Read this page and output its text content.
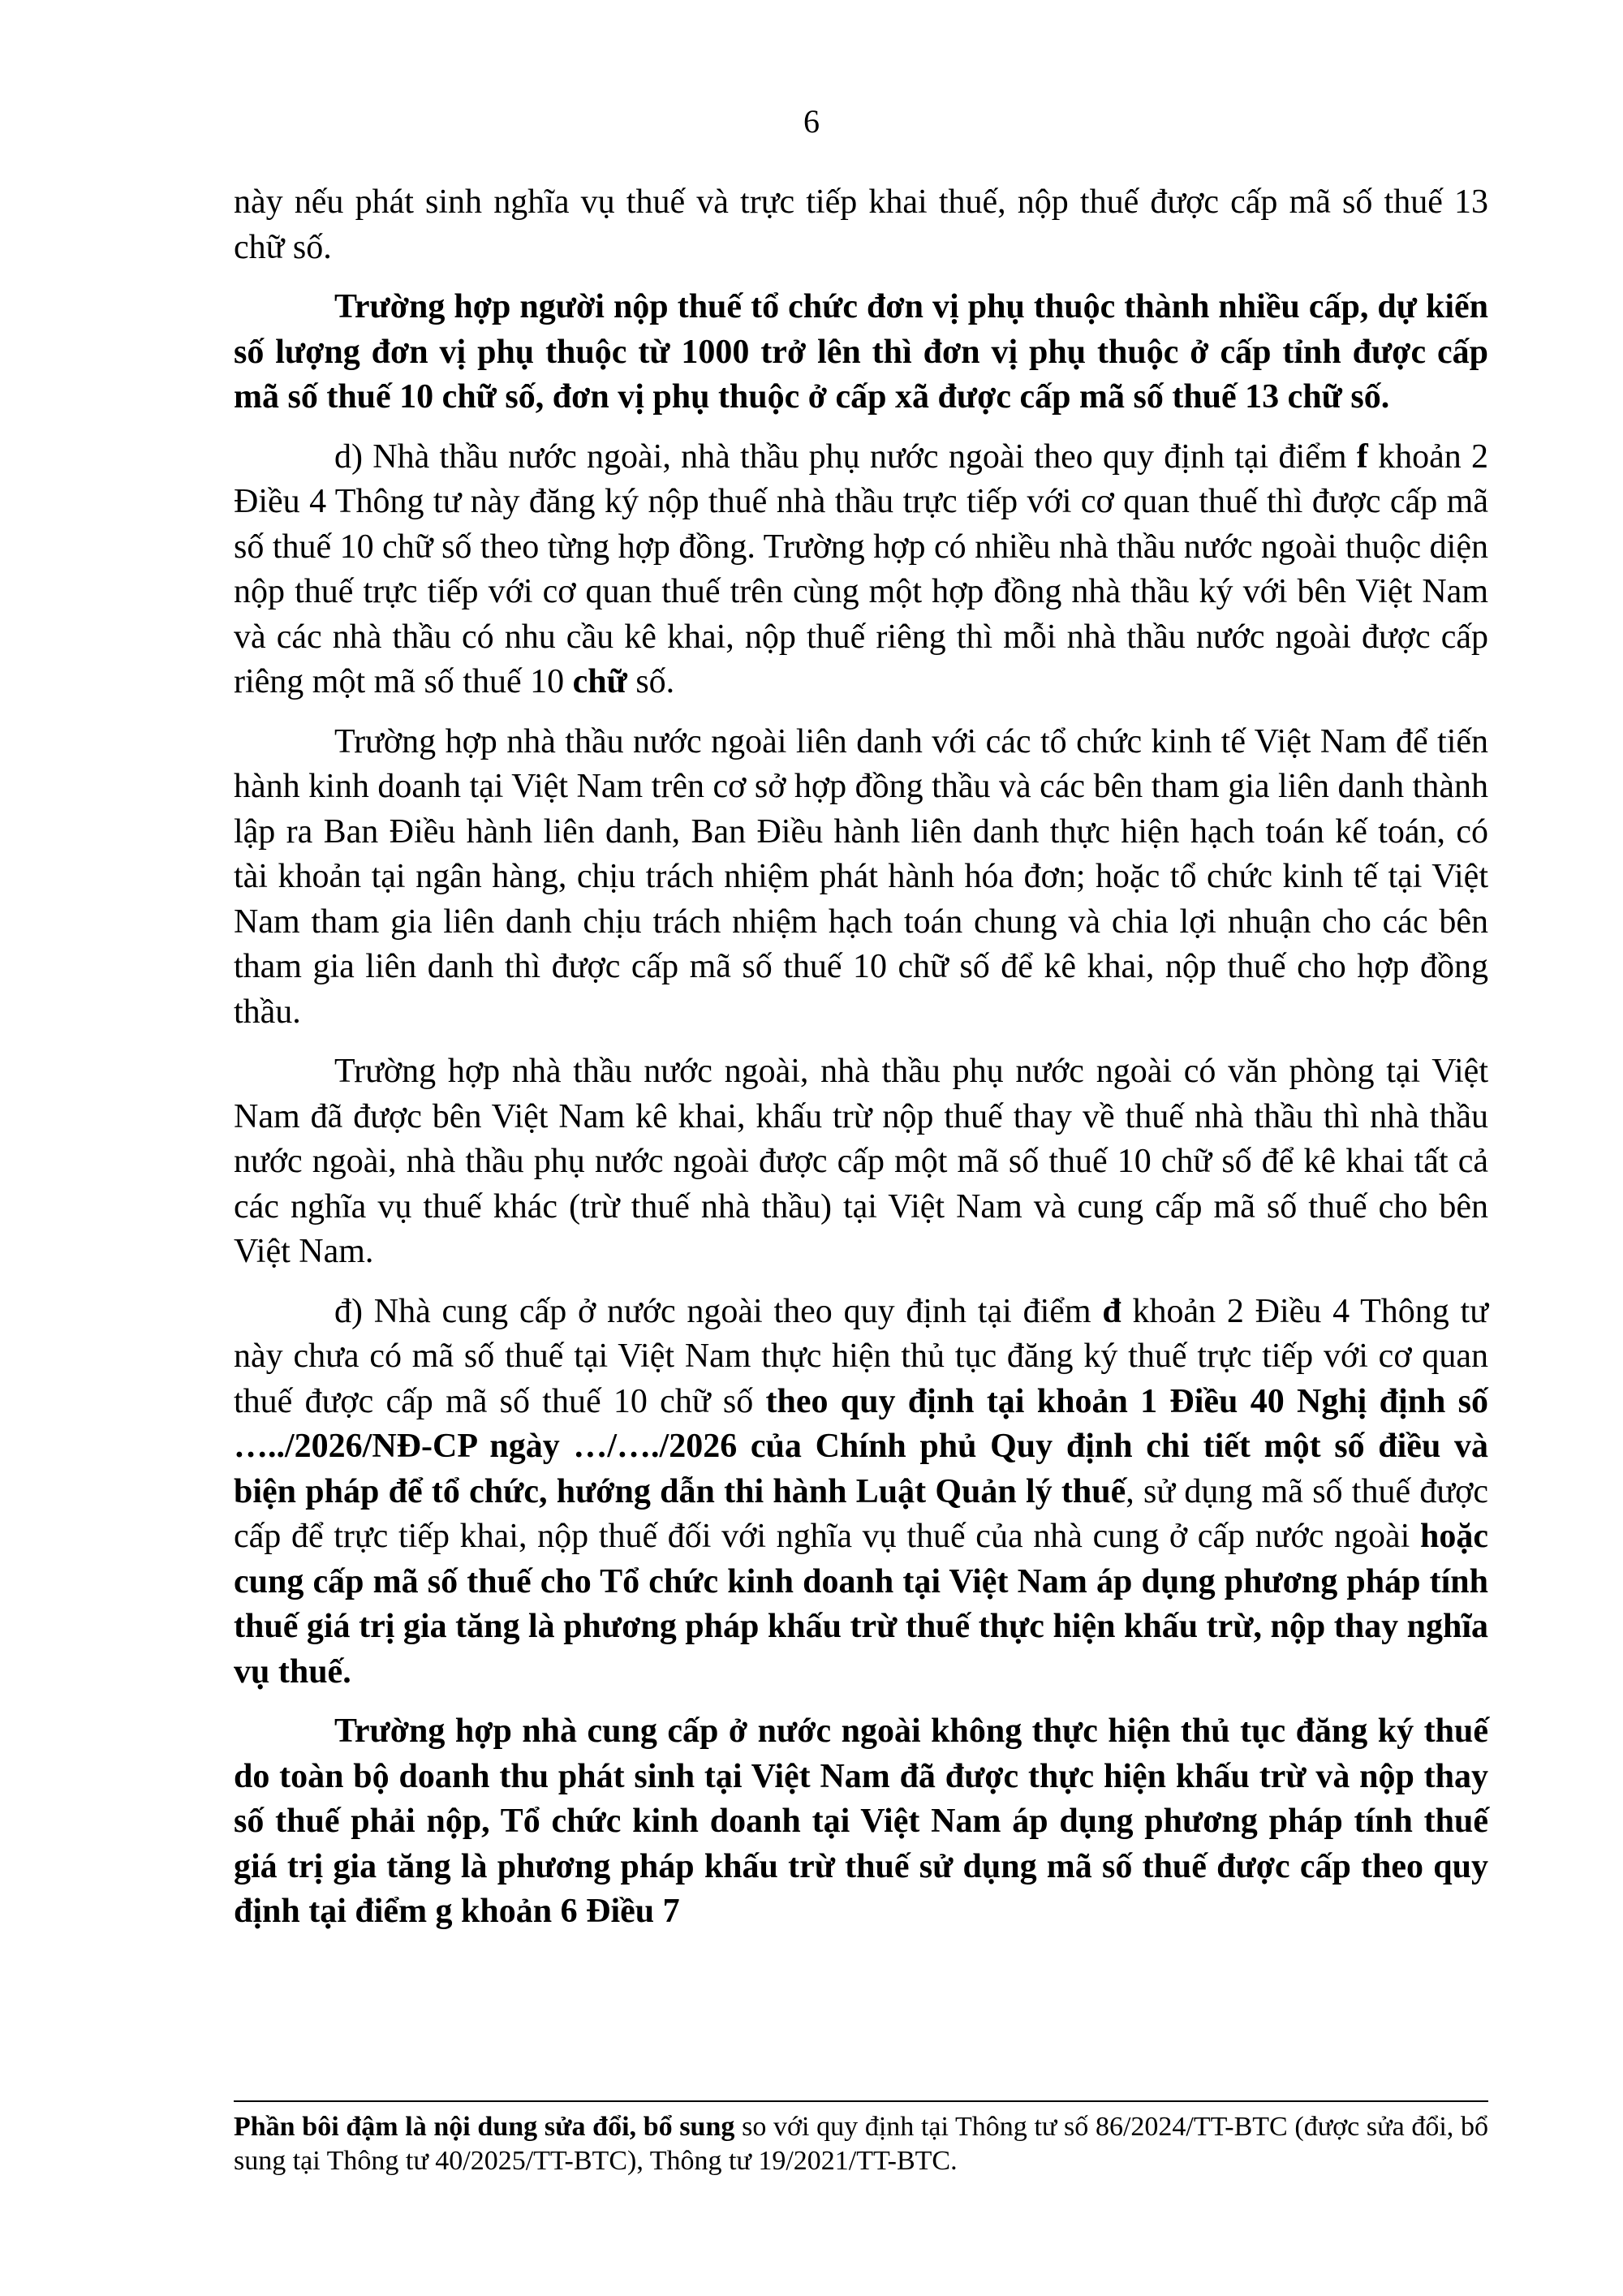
6

này nếu phát sinh nghĩa vụ thuế và trực tiếp khai thuế, nộp thuế được cấp mã số thuế 13 chữ số.

Trường hợp người nộp thuế tổ chức đơn vị phụ thuộc thành nhiều cấp, dự kiến số lượng đơn vị phụ thuộc từ 1000 trở lên thì đơn vị phụ thuộc ở cấp tỉnh được cấp mã số thuế 10 chữ số, đơn vị phụ thuộc ở cấp xã được cấp mã số thuế 13 chữ số.

d) Nhà thầu nước ngoài, nhà thầu phụ nước ngoài theo quy định tại điểm f khoản 2 Điều 4 Thông tư này đăng ký nộp thuế nhà thầu trực tiếp với cơ quan thuế thì được cấp mã số thuế 10 chữ số theo từng hợp đồng. Trường hợp có nhiều nhà thầu nước ngoài thuộc diện nộp thuế trực tiếp với cơ quan thuế trên cùng một hợp đồng nhà thầu ký với bên Việt Nam và các nhà thầu có nhu cầu kê khai, nộp thuế riêng thì mỗi nhà thầu nước ngoài được cấp riêng một mã số thuế 10 chữ số.

Trường hợp nhà thầu nước ngoài liên danh với các tổ chức kinh tế Việt Nam để tiến hành kinh doanh tại Việt Nam trên cơ sở hợp đồng thầu và các bên tham gia liên danh thành lập ra Ban Điều hành liên danh, Ban Điều hành liên danh thực hiện hạch toán kế toán, có tài khoản tại ngân hàng, chịu trách nhiệm phát hành hóa đơn; hoặc tổ chức kinh tế tại Việt Nam tham gia liên danh chịu trách nhiệm hạch toán chung và chia lợi nhuận cho các bên tham gia liên danh thì được cấp mã số thuế 10 chữ số để kê khai, nộp thuế cho hợp đồng thầu.

Trường hợp nhà thầu nước ngoài, nhà thầu phụ nước ngoài có văn phòng tại Việt Nam đã được bên Việt Nam kê khai, khấu trừ nộp thuế thay về thuế nhà thầu thì nhà thầu nước ngoài, nhà thầu phụ nước ngoài được cấp một mã số thuế 10 chữ số để kê khai tất cả các nghĩa vụ thuế khác (trừ thuế nhà thầu) tại Việt Nam và cung cấp mã số thuế cho bên Việt Nam.

đ) Nhà cung cấp ở nước ngoài theo quy định tại điểm đ khoản 2 Điều 4 Thông tư này chưa có mã số thuế tại Việt Nam thực hiện thủ tục đăng ký thuế trực tiếp với cơ quan thuế được cấp mã số thuế 10 chữ số theo quy định tại khoản 1 Điều 40 Nghị định số …../2026/NĐ-CP ngày …/…./2026 của Chính phủ Quy định chi tiết một số điều và biện pháp để tổ chức, hướng dẫn thi hành Luật Quản lý thuế, sử dụng mã số thuế được cấp để trực tiếp khai, nộp thuế đối với nghĩa vụ thuế của nhà cung ở cấp nước ngoài hoặc cung cấp mã số thuế cho Tổ chức kinh doanh tại Việt Nam áp dụng phương pháp tính thuế giá trị gia tăng là phương pháp khấu trừ thuế thực hiện khấu trừ, nộp thay nghĩa vụ thuế.

Trường hợp nhà cung cấp ở nước ngoài không thực hiện thủ tục đăng ký thuế do toàn bộ doanh thu phát sinh tại Việt Nam đã được thực hiện khấu trừ và nộp thay số thuế phải nộp, Tổ chức kinh doanh tại Việt Nam áp dụng phương pháp tính thuế giá trị gia tăng là phương pháp khấu trừ thuế sử dụng mã số thuế được cấp theo quy định tại điểm g khoản 6 Điều 7

Phần bôi đậm là nội dung sửa đổi, bổ sung so với quy định tại Thông tư số 86/2024/TT-BTC (được sửa đổi, bổ sung tại Thông tư 40/2025/TT-BTC), Thông tư 19/2021/TT-BTC.
